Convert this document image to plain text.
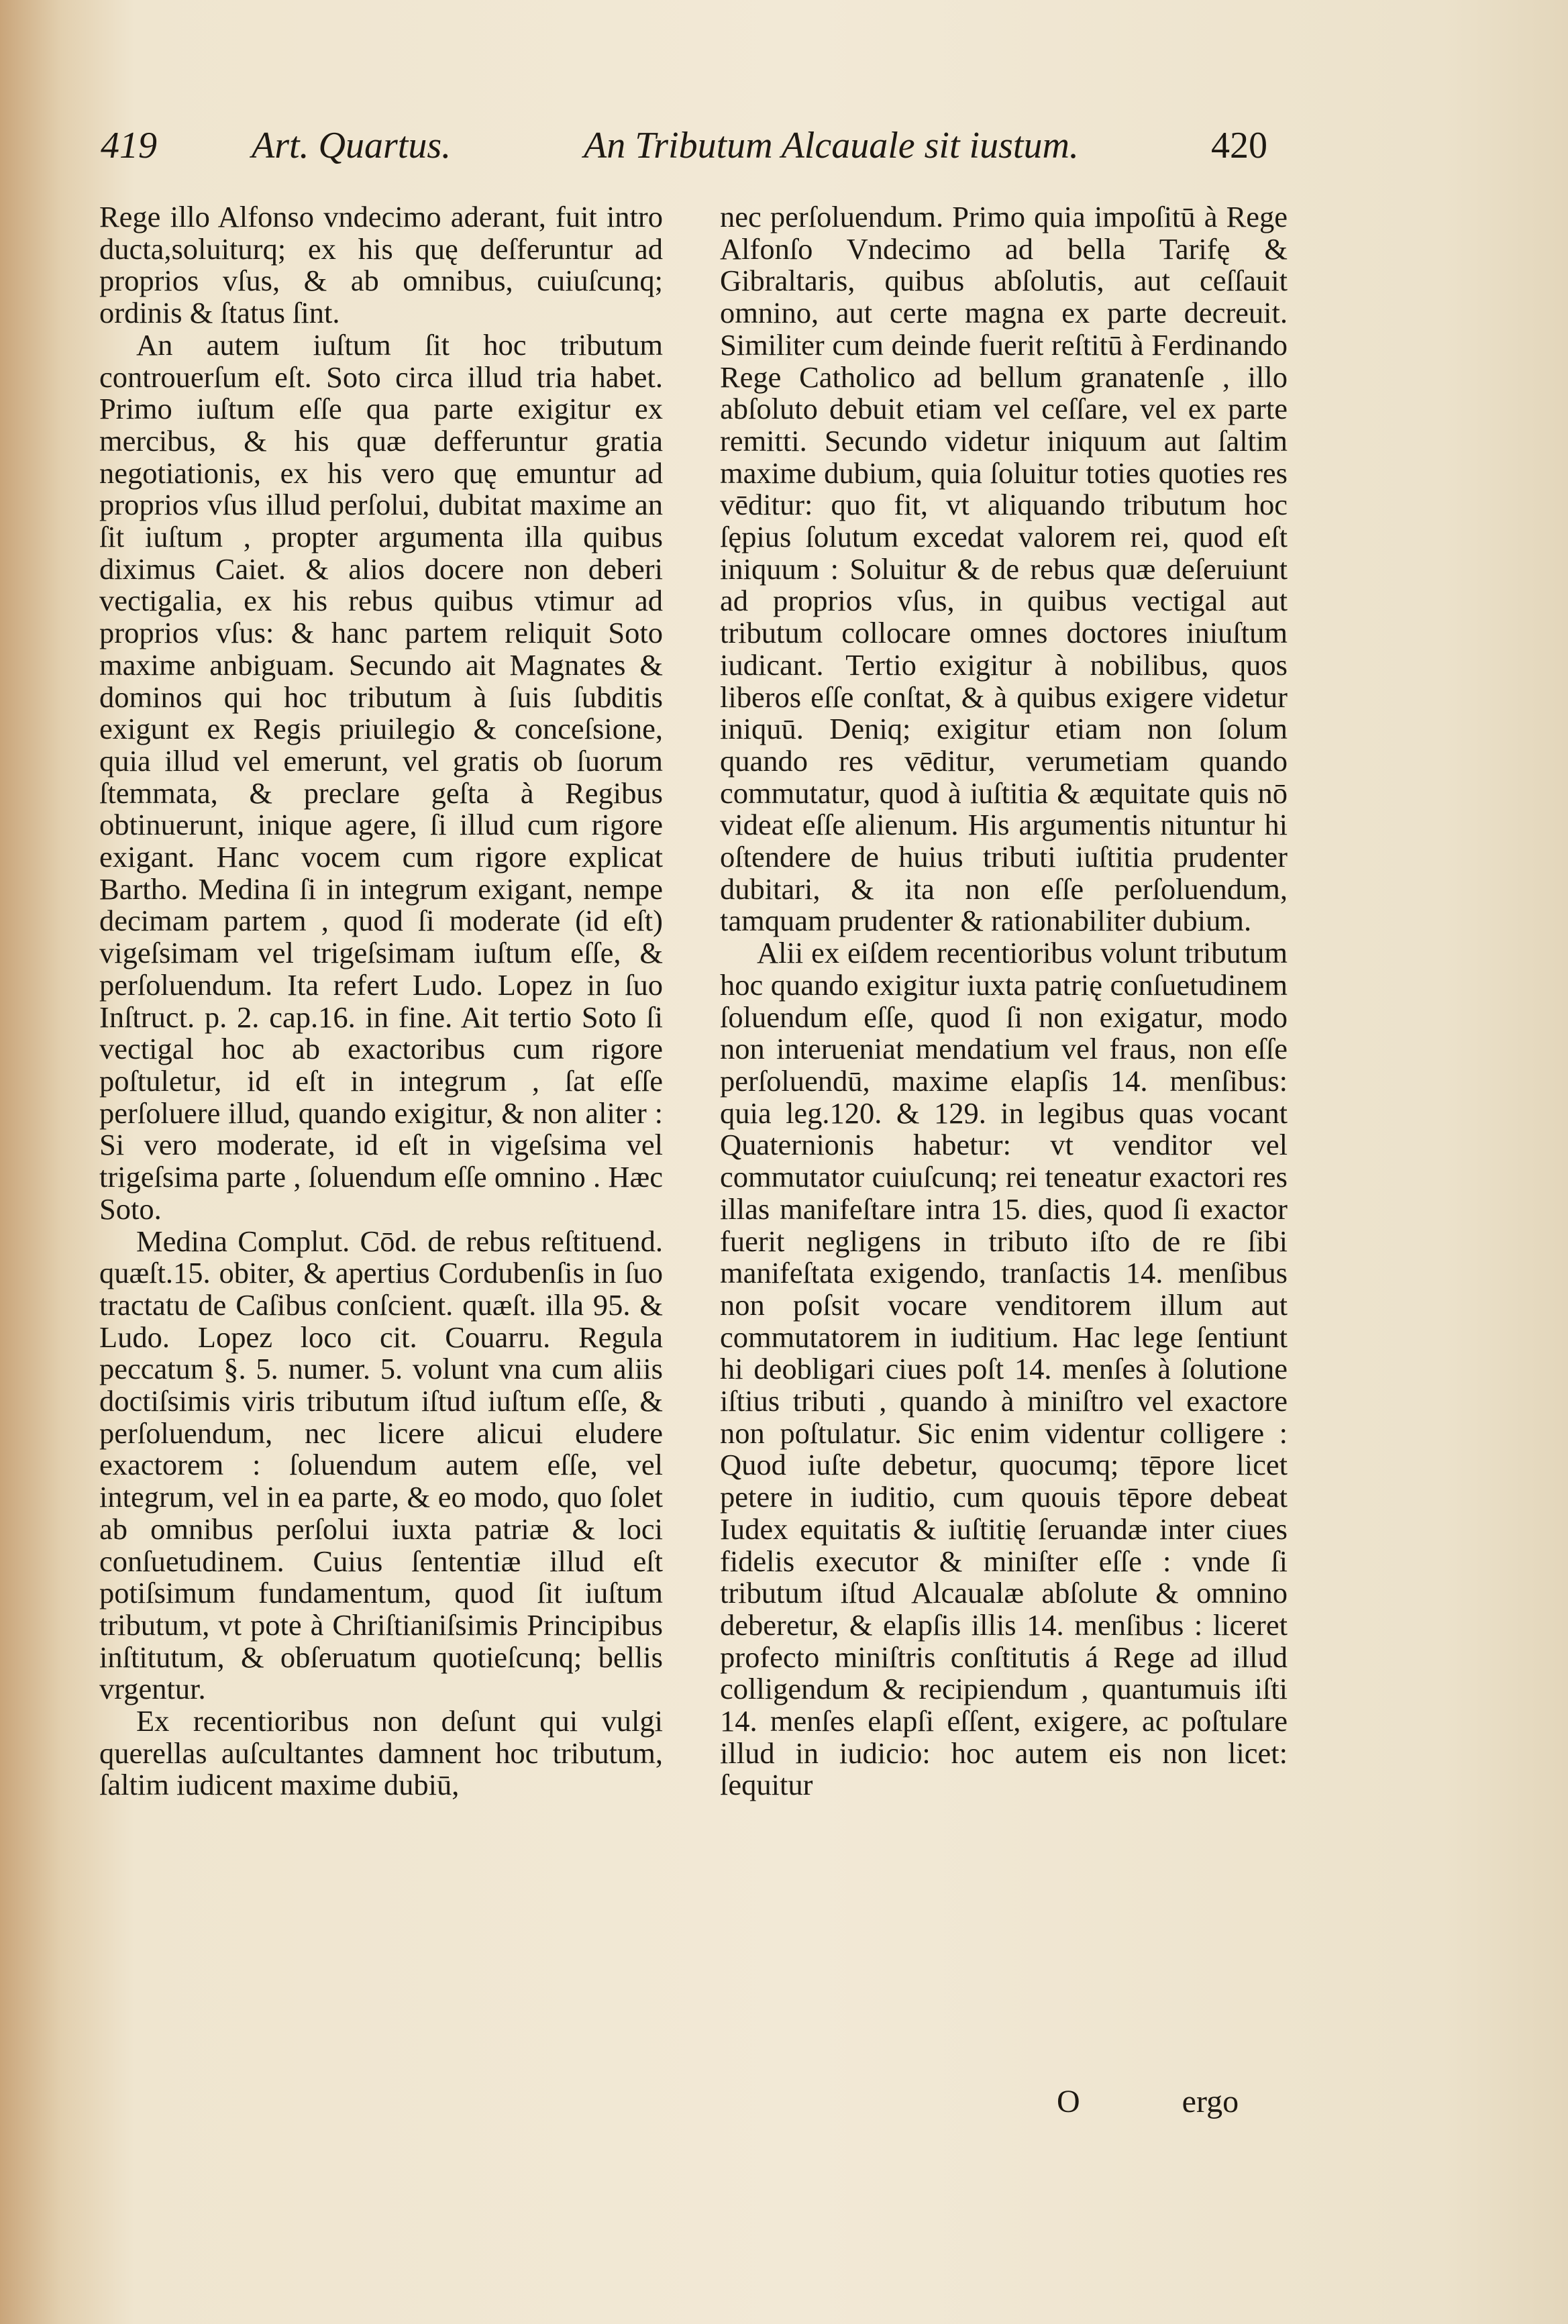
419	Art. Quartus.	An Tributum Alcauale sit iustum.	420

Rege illo Alfonso vndecimo aderant, fuit intro ducta,soluiturq; ex his quę deſferuntur ad proprios vſus, & ab omnibus, cuiuſcunq; ordinis & ſtatus ſint.

An autem iuſtum ſit hoc tributum controuerſum eſt. Soto circa illud tria habet. Primo iuſtum eſſe qua parte exigitur ex mercibus, & his quæ defferuntur gratia negotiationis, ex his vero quę emuntur ad proprios vſus illud perſolui, dubitat maxime an ſit iuſtum , propter argumenta illa quibus diximus Caiet. & alios docere non deberi vectigalia, ex his rebus quibus vtimur ad proprios vſus: & hanc partem reliquit Soto maxime anbiguam. Secundo ait Magnates & dominos qui hoc tributum à ſuis ſubditis exigunt ex Regis priuilegio & conceſsione, quia illud vel emerunt, vel gratis ob ſuorum ſtemmata, & preclare geſta à Regibus obtinuerunt, inique agere, ſi illud cum rigore exigant. Hanc vocem cum rigore explicat Bartho. Medina ſi in integrum exigant, nempe decimam partem , quod ſi moderate (id eſt) vigeſsimam vel trigeſsimam iuſtum eſſe, & perſoluendum. Ita refert Ludo. Lopez in ſuo Inſtruct. p. 2. cap.16. in fine. Ait tertio Soto ſi vectigal hoc ab exactoribus cum rigore poſtuletur, id eſt in integrum , ſat eſſe perſoluere illud, quando exigitur, & non aliter : Si vero moderate, id eſt in vigeſsima vel trigeſsima parte , ſoluendum eſſe omnino . Hæc Soto.

Medina Complut. Cōd. de rebus reſtituend. quæſt.15. obiter, & apertius Cordubenſis in ſuo tractatu de Caſibus conſcient. quæſt. illa 95. & Ludo. Lopez loco cit. Couarru. Regula peccatum §. 5. numer. 5. volunt vna cum aliis doctiſsimis viris tributum iſtud iuſtum eſſe, & perſoluendum, nec licere alicui eludere exactorem : ſoluendum autem eſſe, vel integrum, vel in ea parte, & eo modo, quo ſolet ab omnibus perſolui iuxta patriæ & loci conſuetudinem. Cuius ſententiæ illud eſt potiſsimum fundamentum, quod ſit iuſtum tributum, vt pote à Chriſtianiſsimis Principibus inſtitutum, & obſeruatum quotieſcunq; bellis vrgentur.

Ex recentioribus non deſunt qui vulgi querellas auſcultantes damnent hoc tributum, ſaltim iudicent maxime dubiū,

nec perſoluendum. Primo quia impoſitū à Rege Alfonſo Vndecimo ad bella Tarifę & Gibraltaris, quibus abſolutis, aut ceſſauit omnino, aut certe magna ex parte decreuit. Similiter cum deinde fuerit reſtitū à Ferdinando Rege Catholico ad bellum granatenſe , illo abſoluto debuit etiam vel ceſſare, vel ex parte remitti. Secundo videtur iniquum aut ſaltim maxime dubium, quia ſoluitur toties quoties res vēditur: quo fit, vt aliquando tributum hoc ſępius ſolutum excedat valorem rei, quod eſt iniquum : Soluitur & de rebus quæ deſeruiunt ad proprios vſus, in quibus vectigal aut tributum collocare omnes doctores iniuſtum iudicant. Tertio exigitur à nobilibus, quos liberos eſſe conſtat, & à quibus exigere videtur iniquū. Deniq; exigitur etiam non ſolum quando res vēditur, verumetiam quando commutatur, quod à iuſtitia & æquitate quis nō videat eſſe alienum. His argumentis nituntur hi oſtendere de huius tributi iuſtitia prudenter dubitari, & ita non eſſe perſoluendum, tamquam prudenter & rationabiliter dubium.

Alii ex eiſdem recentioribus volunt tributum hoc quando exigitur iuxta patrię conſuetudinem ſoluendum eſſe, quod ſi non exigatur, modo non interueniat mendatium vel fraus, non eſſe perſoluendū, maxime elapſis 14. menſibus: quia leg.120. & 129. in legibus quas vocant Quaternionis habetur: vt venditor vel commutator cuiuſcunq; rei teneatur exactori res illas manifeſtare intra 15. dies, quod ſi exactor fuerit negligens in tributo iſto de re ſibi manifeſtata exigendo, tranſactis 14. menſibus non poſsit vocare venditorem illum aut commutatorem in iuditium. Hac lege ſentiunt hi deobligari ciues poſt 14. menſes à ſolutione iſtius tributi , quando à miniſtro vel exactore non poſtulatur. Sic enim videntur colligere : Quod iuſte debetur, quocumq; tēpore licet petere in iuditio, cum quouis tēpore debeat Iudex equitatis & iuſtitię ſeruandæ inter ciues fidelis executor & miniſter eſſe : vnde ſi tributum iſtud Alcaualæ abſolute & omnino deberetur, & elapſis illis 14. menſibus : liceret profecto miniſtris conſtitutis á Rege ad illud colligendum & recipiendum , quantumuis iſti 14. menſes elapſi eſſent, exigere, ac poſtulare illud in iudicio: hoc autem eis non licet: ſequitur

O	ergo
